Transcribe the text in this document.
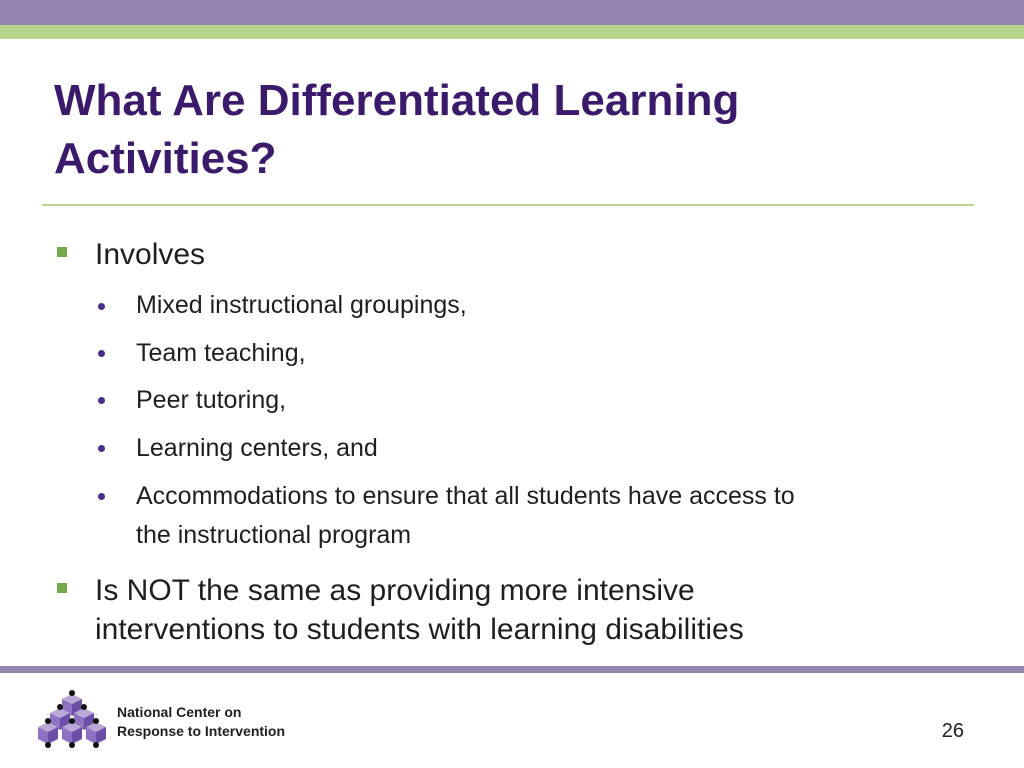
What Are Differentiated Learning
Activities?
Involves
Mixed instructional groupings,
Team teaching,
Peer tutoring,
Learning centers, and
Accommodations to ensure that all students have access to
the instructional program
Is NOT the same as providing more intensive
interventions to students with learning disabilities
National Center on
Response to Intervention	26
